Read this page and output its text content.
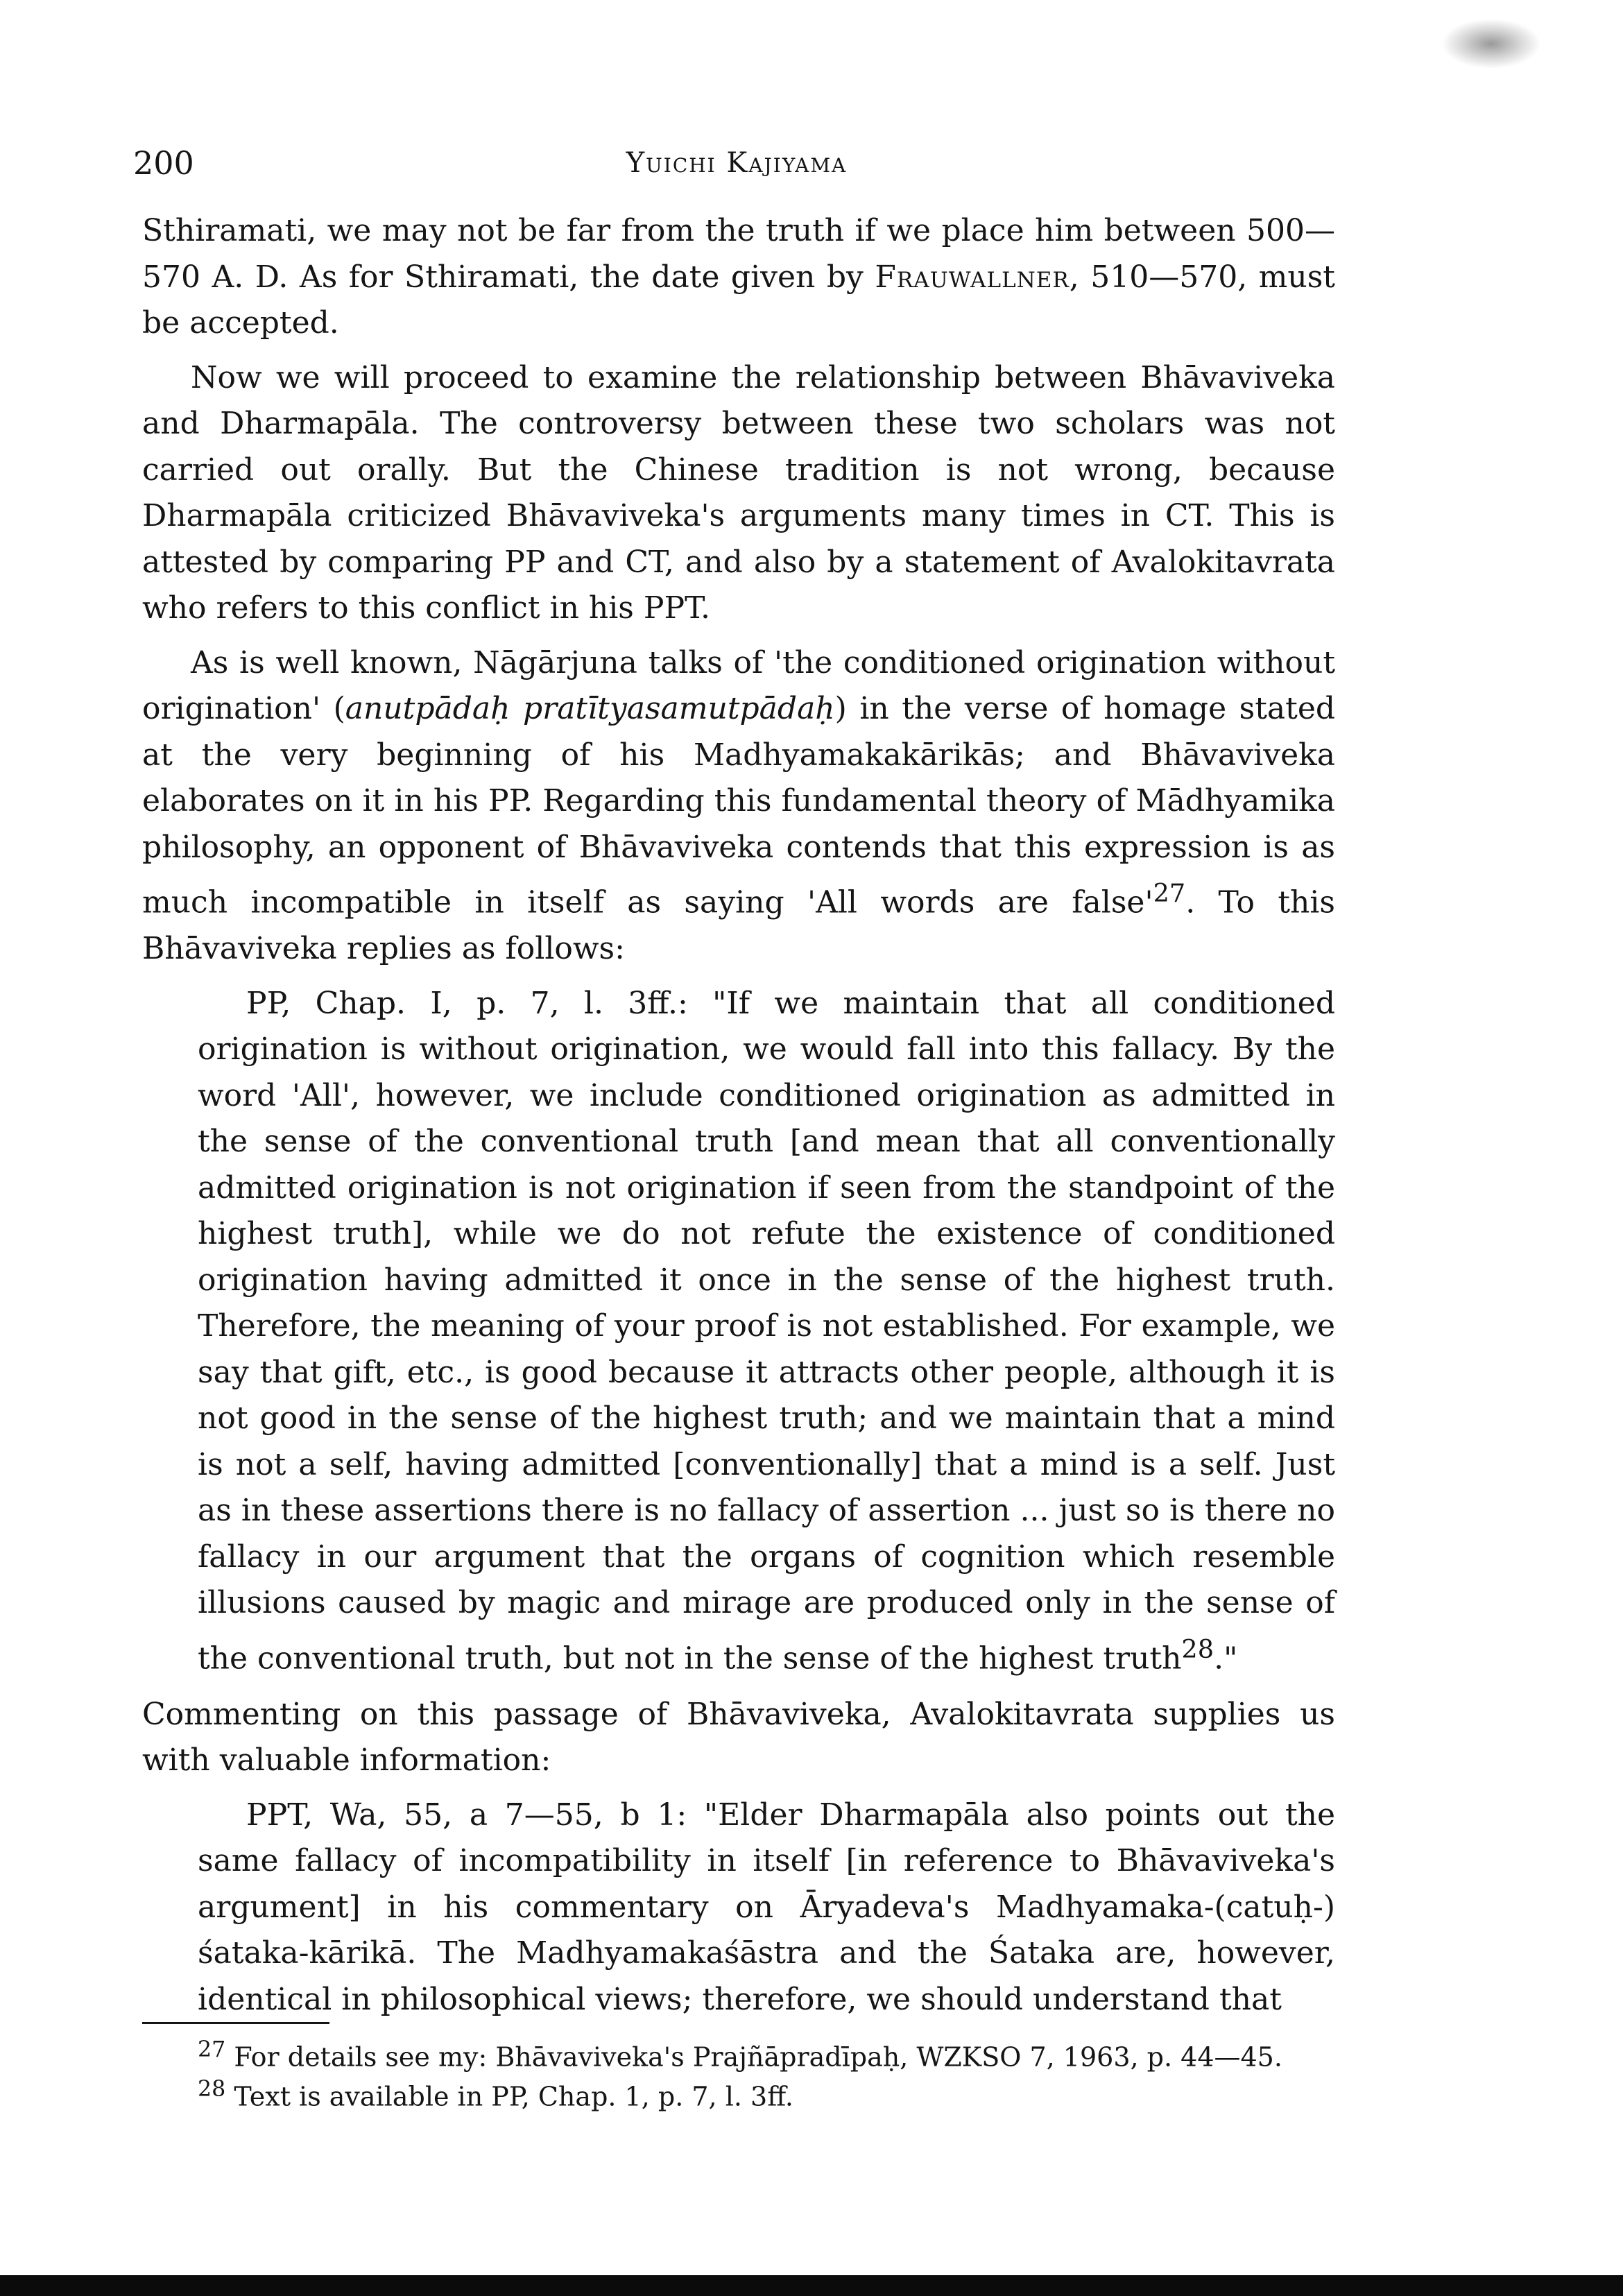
200	Yuichi Kajiyama

Sthiramati, we may not be far from the truth if we place him between 500—570 A. D. As for Sthiramati, the date given by Frauwallner, 510—570, must be accepted.

Now we will proceed to examine the relationship between Bhāvaviveka and Dharmapāla. The controversy between these two scholars was not carried out orally. But the Chinese tradition is not wrong, because Dharmapāla criticized Bhāvaviveka's arguments many times in CT. This is attested by comparing PP and CT, and also by a statement of Avalokitavrata who refers to this conflict in his PPT.

As is well known, Nāgārjuna talks of 'the conditioned origination without origination' (anutpādaḥ pratītyasamutpādaḥ) in the verse of homage stated at the very beginning of his Madhyamakakārikās; and Bhāvaviveka elaborates on it in his PP. Regarding this fundamental theory of Mādhyamika philosophy, an opponent of Bhāvaviveka contends that this expression is as much incompatible in itself as saying 'All words are $false'^{27}$. To this Bhāvaviveka replies as follows:

PP, Chap. I, p. 7, l. 3ff.: "If we maintain that all conditioned origination is without origination, we would fall into this fallacy. By the word 'All', however, we include conditioned origination as admitted in the sense of the conventional truth [and mean that all conventionally admitted origination is not origination if seen from the standpoint of the highest truth], while we do not refute the existence of conditioned origination having admitted it once in the sense of the highest truth. Therefore, the meaning of your proof is not established. For example, we say that gift, etc., is good because it attracts other people, although it is not good in the sense of the highest truth; and we maintain that a mind is not a self, having admitted [conventionally] that a mind is a self. Just as in these assertions there is no fallacy of assertion ... just so is there no fallacy in our argument that the organs of cognition which resemble illusions caused by magic and mirage are produced only in the sense of the conventional truth, but not in the sense of the highest truth$^{28}$."

Commenting on this passage of Bhāvaviveka, Avalokitavrata supplies us with valuable information:

PPT, Wa, 55, a 7—55, b 1: "Elder Dharmapāla also points out the same fallacy of incompatibility in itself [in reference to Bhāvaviveka's argument] in his commentary on Āryadeva's Madhyamaka-(catuḥ-) śataka-kārikā. The Madhyamakaśāstra and the Śataka are, however, identical in philosophical views; therefore, we should understand that

$^{27}$ For details see my: Bhāvaviveka's Prajñāpradīpaḥ, WZKSO 7, 1963, p. 44—45.

$^{28}$ Text is available in PP, Chap. 1, p. 7, l. 3ff.
